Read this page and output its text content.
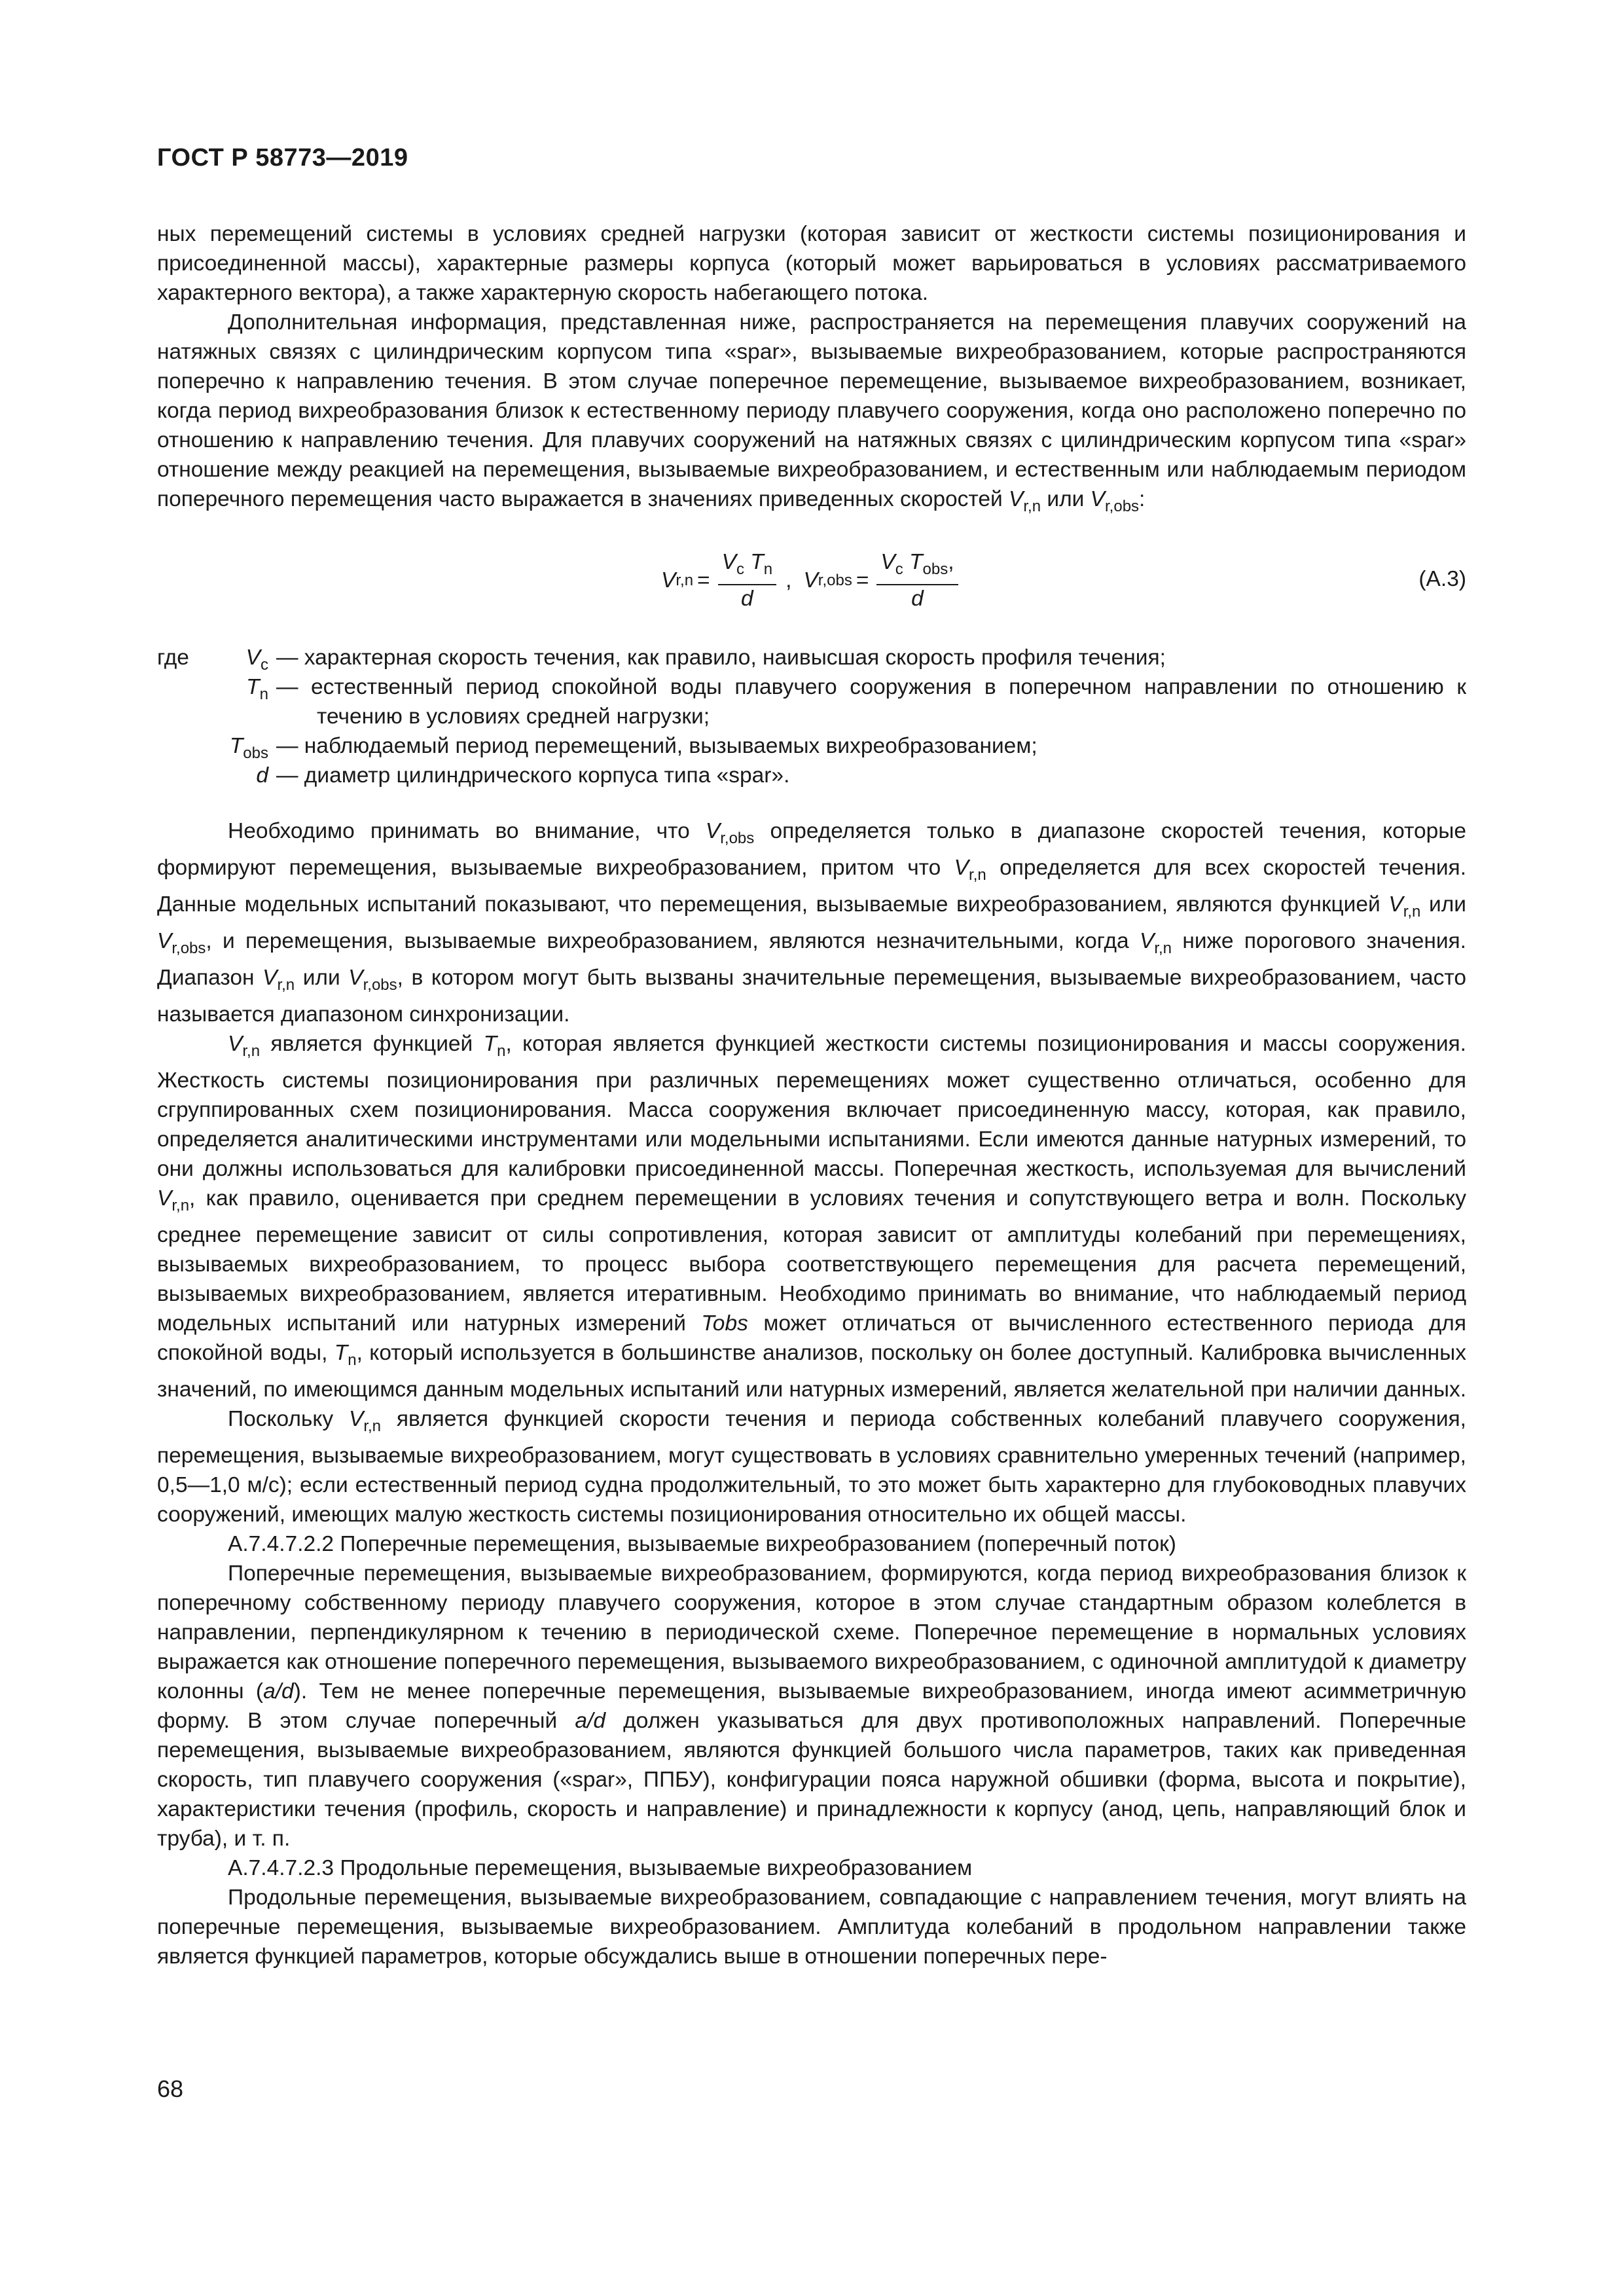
ГОСТ Р 58773—2019

ных перемещений системы в условиях средней нагрузки (которая зависит от жесткости системы позиционирования и присоединенной массы), характерные размеры корпуса (который может варьироваться в условиях рассматриваемого характерного вектора), а также характерную скорость набегающего потока.

Дополнительная информация, представленная ниже, распространяется на перемещения плавучих сооружений на натяжных связях с цилиндрическим корпусом типа «spar», вызываемые вихреобразованием, которые распространяются поперечно к направлению течения. В этом случае поперечное перемещение, вызываемое вихреобразованием, возникает, когда период вихреобразования близок к естественному периоду плавучего сооружения, когда оно расположено поперечно по отношению к направлению течения. Для плавучих сооружений на натяжных связях с цилиндрическим корпусом типа «spar» отношение между реакцией на перемещения, вызываемые вихреобразованием, и естественным или наблюдаемым периодом поперечного перемещения часто выражается в значениях приведенных скоростей $V_{r,n}$ или $V_{r,obs}$:

V $r,n = \frac{V_c T_n}{d}$ , V $r,obs = \frac{V_c T_{obs},}{d}$	(А.3)
где	$V_c$ — характерная скорость течения, как правило, наивысшая скорость профиля течения;
$T_n$ — естественный период спокойной воды плавучего сооружения в поперечном направлении по отношению к течению в условиях средней нагрузки;
$T_{obs}$ — наблюдаемый период перемещений, вызываемых вихреобразованием;
d — диаметр цилиндрического корпуса типа «spar».

Необходимо принимать во внимание, что $V_{r,obs}$ определяется только в диапазоне скоростей течения, которые формируют перемещения, вызываемые вихреобразованием, притом что $V_{r,n}$ определяется для всех скоростей течения. Данные модельных испытаний показывают, что перемещения, вызываемые вихреобразованием, являются функцией $V_{r,n}$ или $V_{r,obs}$, и перемещения, вызываемые вихреобразованием, являются незначительными, когда $V_{r,n}$ ниже порогового значения. Диапазон $V_{r,n}$ или $V_{r,obs}$, в котором могут быть вызваны значительные перемещения, вызываемые вихреобразованием, часто называется диапазоном синхронизации.

$V_{r,n}$ является функцией $T_n$, которая является функцией жесткости системы позиционирования и массы сооружения. Жесткость системы позиционирования при различных перемещениях может существенно отличаться, особенно для сгруппированных схем позиционирования. Масса сооружения включает присоединенную массу, которая, как правило, определяется аналитическими инструментами или модельными испытаниями. Если имеются данные натурных измерений, то они должны использоваться для калибровки присоединенной массы. Поперечная жесткость, используемая для вычислений $V_{r,n}$, как правило, оценивается при среднем перемещении в условиях течения и сопутствующего ветра и волн. Поскольку среднее перемещение зависит от силы сопротивления, которая зависит от амплитуды колебаний при перемещениях, вызываемых вихреобразованием, то процесс выбора соответствующего перемещения для расчета перемещений, вызываемых вихреобразованием, является итеративным. Необходимо принимать во внимание, что наблюдаемый период модельных испытаний или натурных измерений Tobs может отличаться от вычисленного естественного периода для спокойной воды, $T_n$, который используется в большинстве анализов, поскольку он более доступный. Калибровка вычисленных значений, по имеющимся данным модельных испытаний или натурных измерений, является желательной при наличии данных.

Поскольку $V_{r,n}$ является функцией скорости течения и периода собственных колебаний плавучего сооружения, перемещения, вызываемые вихреобразованием, могут существовать в условиях сравнительно умеренных течений (например, 0,5—1,0 м/с); если естественный период судна продолжительный, то это может быть характерно для глубоководных плавучих сооружений, имеющих малую жесткость системы позиционирования относительно их общей массы.

А.7.4.7.2.2 Поперечные перемещения, вызываемые вихреобразованием (поперечный поток)

Поперечные перемещения, вызываемые вихреобразованием, формируются, когда период вихреобразования близок к поперечному собственному периоду плавучего сооружения, которое в этом случае стандартным образом колеблется в направлении, перпендикулярном к течению в периодической схеме. Поперечное перемещение в нормальных условиях выражается как отношение поперечного перемещения, вызываемого вихреобразованием, с одиночной амплитудой к диаметру колонны (a/d). Тем не менее поперечные перемещения, вызываемые вихреобразованием, иногда имеют асимметричную форму. В этом случае поперечный a/d должен указываться для двух противоположных направлений. Поперечные перемещения, вызываемые вихреобразованием, являются функцией большого числа параметров, таких как приведенная скорость, тип плавучего сооружения («spar», ППБУ), конфигурации пояса наружной обшивки (форма, высота и покрытие), характеристики течения (профиль, скорость и направление) и принадлежности к корпусу (анод, цепь, направляющий блок и труба), и т. п.

А.7.4.7.2.3 Продольные перемещения, вызываемые вихреобразованием

Продольные перемещения, вызываемые вихреобразованием, совпадающие с направлением течения, могут влиять на поперечные перемещения, вызываемые вихреобразованием. Амплитуда колебаний в продольном направлении также является функцией параметров, которые обсуждались выше в отношении поперечных пере-

68
